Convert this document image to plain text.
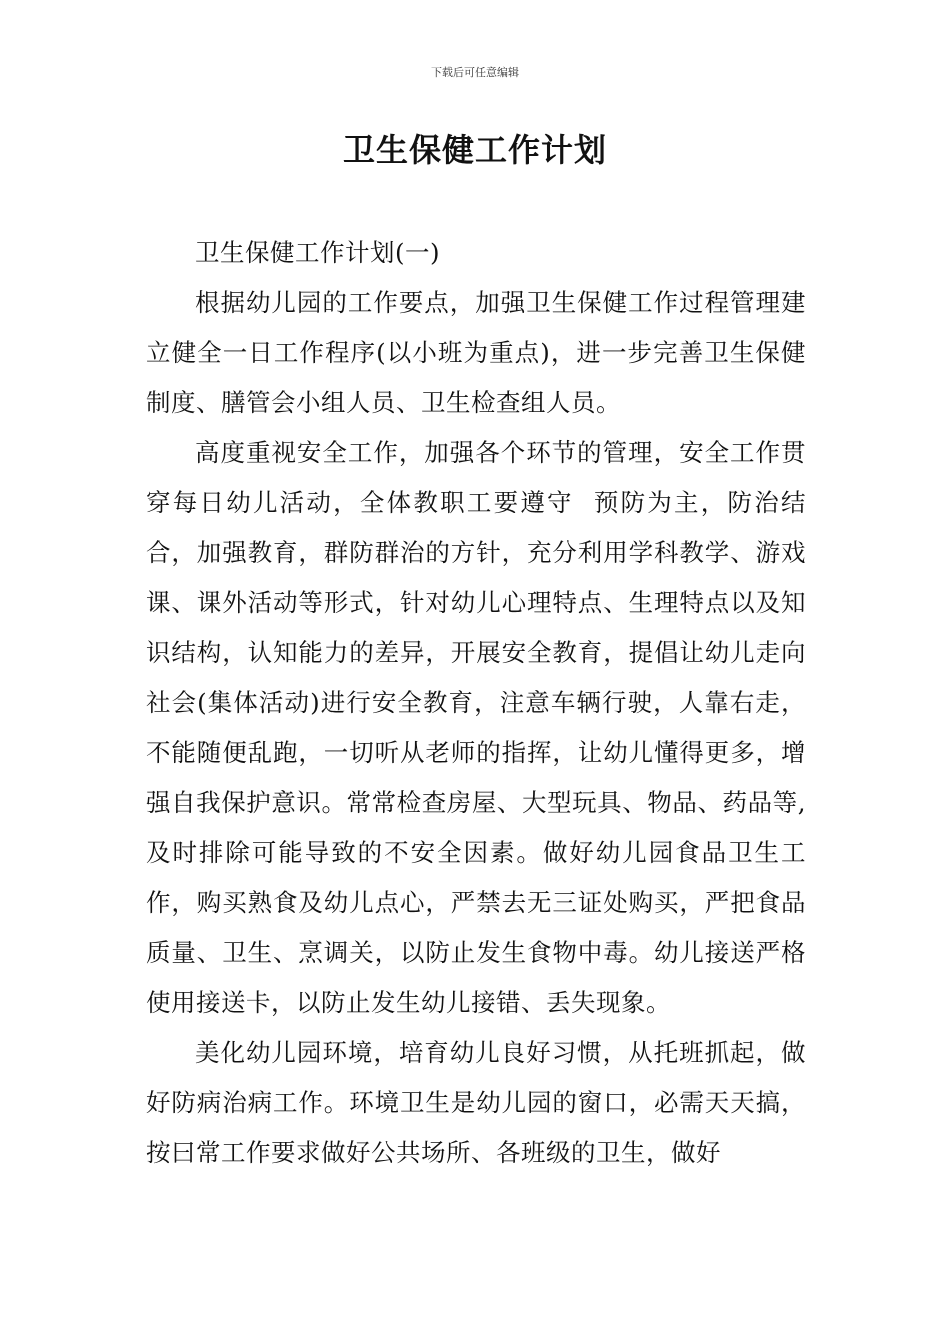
下载后可任意编辑
卫生保健工作计划

卫生保健工作计划(一)

根据幼儿园的工作要点，加强卫生保健工作过程管理建立健全一日工作程序(以小班为重点)，进一步完善卫生保健制度、膳管会小组人员、卫生检查组人员。

高度重视安全工作，加强各个环节的管理，安全工作贯穿每日幼儿活动，全体教职工要遵守  预防为主，防治结合，加强教育，群防群治的方针，充分利用学科教学、游戏课、课外活动等形式，针对幼儿心理特点、生理特点以及知识结构，认知能力的差异，开展安全教育，提倡让幼儿走向社会(集体活动)进行安全教育，注意车辆行驶，人靠右走，不能随便乱跑，一切听从老师的指挥，让幼儿懂得更多，增强自我保护意识。常常检查房屋、大型玩具、物品、药品等,及时排除可能导致的不安全因素。做好幼儿园食品卫生工作，购买熟食及幼儿点心，严禁去无三证处购买，严把食品质量、卫生、烹调关，以防止发生食物中毒。幼儿接送严格使用接送卡，以防止发生幼儿接错、丢失现象。

美化幼儿园环境，培育幼儿良好习惯，从托班抓起，做好防病治病工作。环境卫生是幼儿园的窗口，必需天天搞，按曰常工作要求做好公共场所、各班级的卫生，做好
